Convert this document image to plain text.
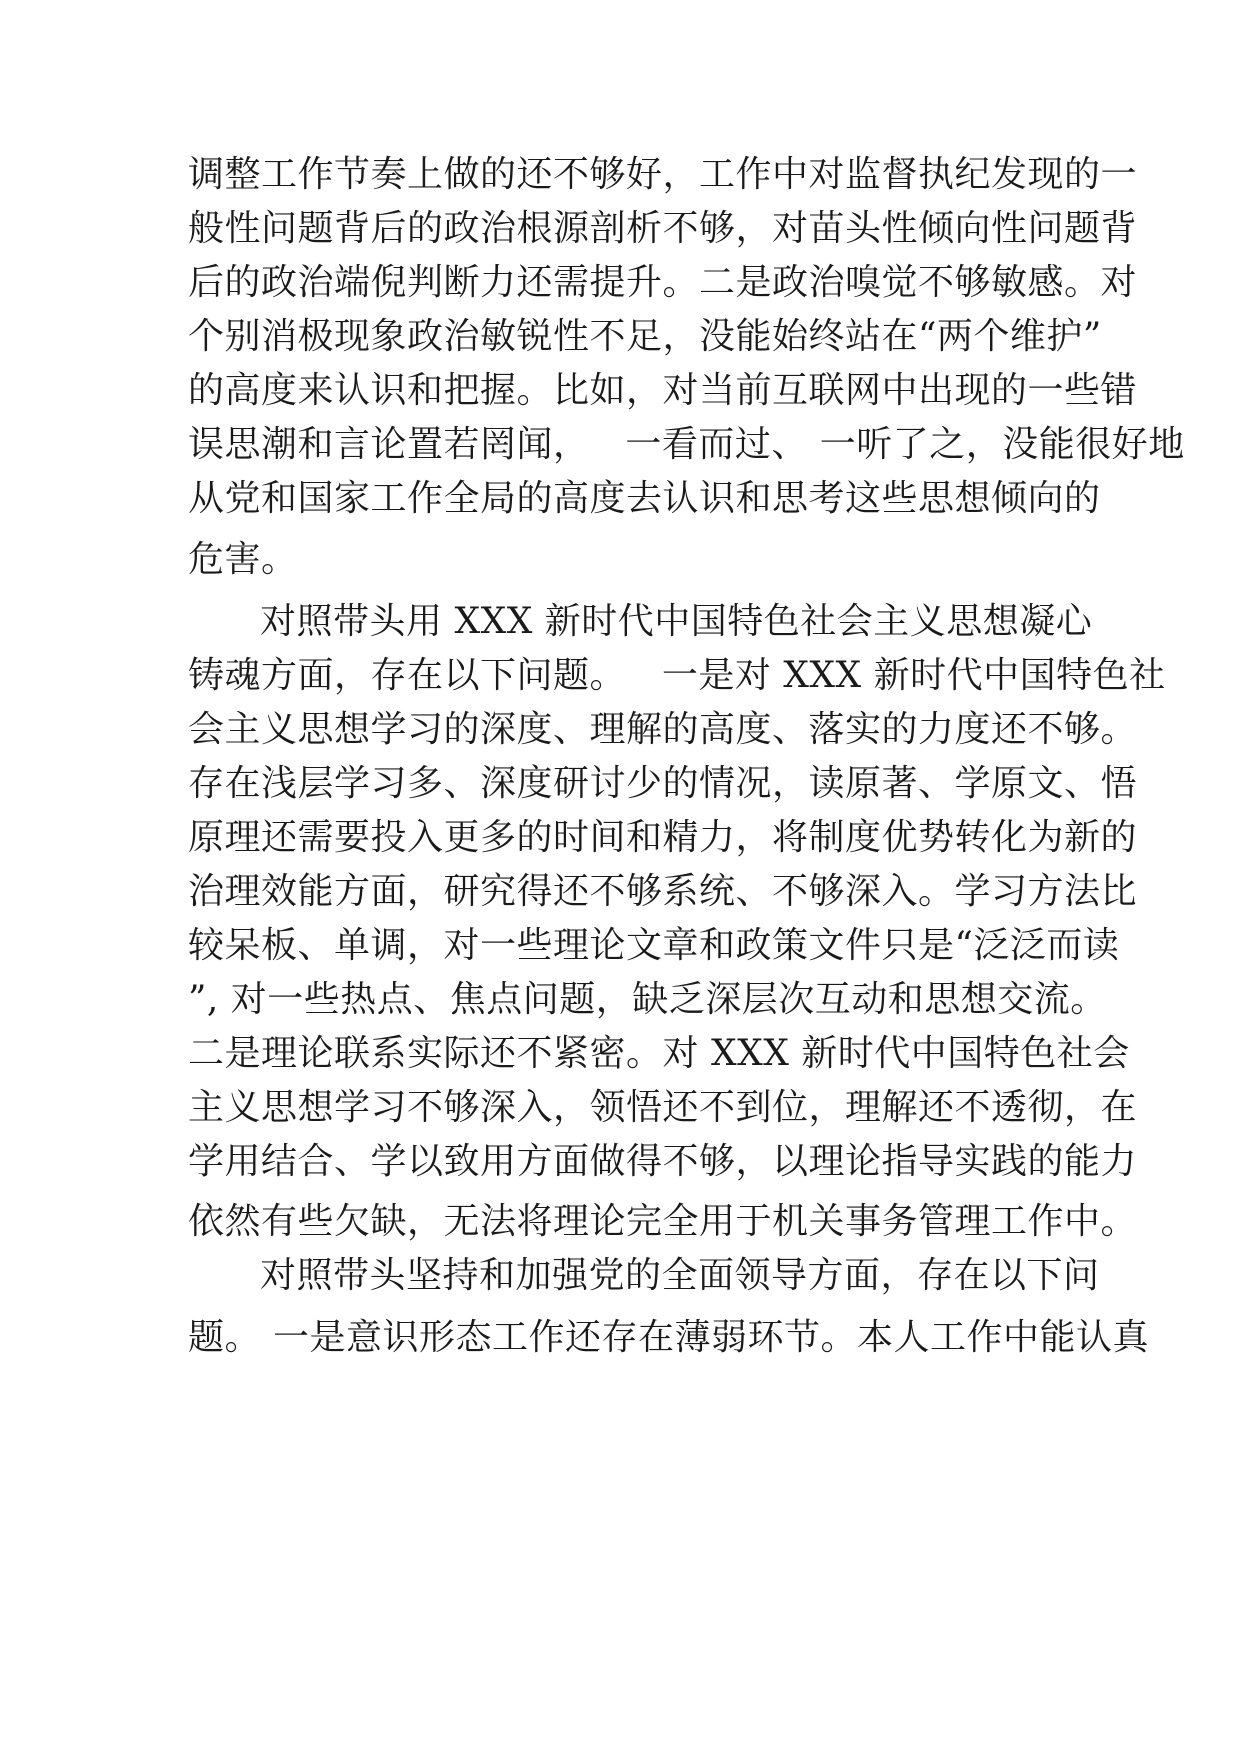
调整工作节奏上做的还不够好，工作中对监督执纪发现的一
般性问题背后的政治根源剖析不够，对苗头性倾向性问题背
后的政治端倪判断力还需提升。二是政治嗅觉不够敏感。对
个别消极现象政治敏锐性不足，没能始终站在“两个维护”
的高度来认识和把握。比如，对当前互联网中出现的一些错
误思潮和言论置若罔闻，   一看而过、 一听了之，没能很好地
从党和国家工作全局的高度去认识和思考这些思想倾向的
危害。
对照带头用 XXX 新时代中国特色社会主义思想凝心
铸魂方面，存在以下问题。   一是对 XXX 新时代中国特色社
会主义思想学习的深度、理解的高度、落实的力度还不够。
存在浅层学习多、深度研讨少的情况，读原著、学原文、悟
原理还需要投入更多的时间和精力，将制度优势转化为新的
治理效能方面，研究得还不够系统、不够深入。学习方法比
较呆板、单调，对一些理论文章和政策文件只是“泛泛而读
”, 对一些热点、焦点问题，缺乏深层次互动和思想交流。
二是理论联系实际还不紧密。对 XXX 新时代中国特色社会
主义思想学习不够深入，领悟还不到位，理解还不透彻，在
学用结合、学以致用方面做得不够，以理论指导实践的能力
依然有些欠缺，无法将理论完全用于机关事务管理工作中。
对照带头坚持和加强党的全面领导方面，存在以下问
题。 一是意识形态工作还存在薄弱环节。本人工作中能认真
